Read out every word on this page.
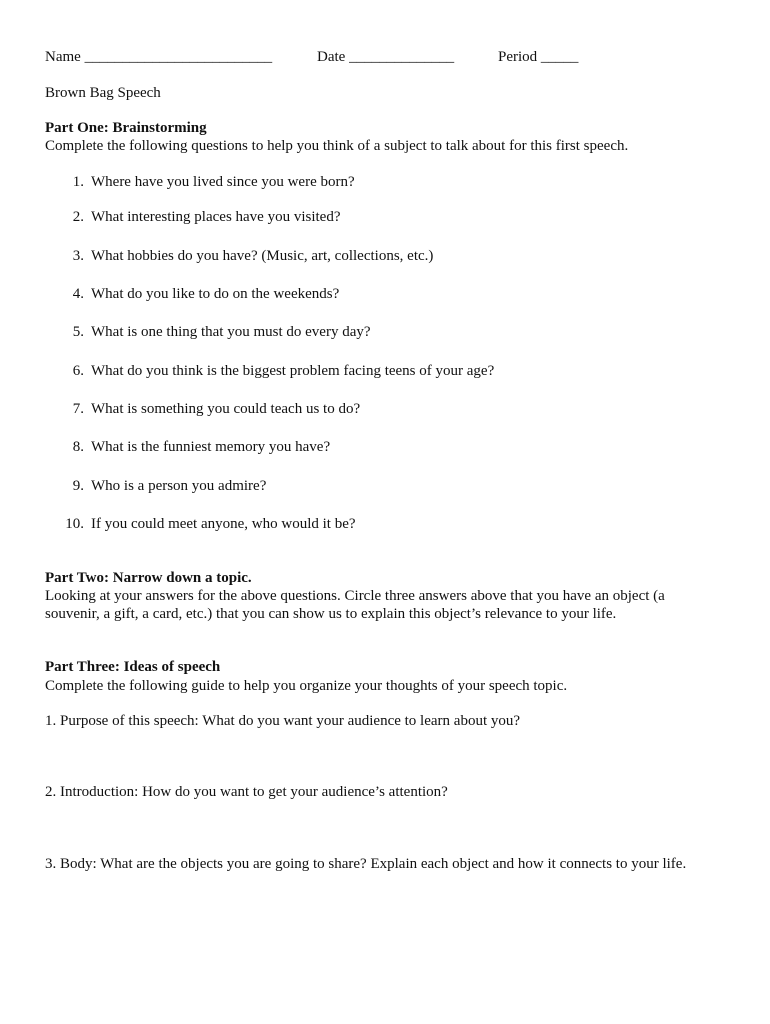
Name _________________________	Date ______________	Period _____
Brown Bag Speech
Part One: Brainstorming
Complete the following questions to help you think of a subject to talk about for this first speech.
1. Where have you lived since you were born?
2. What interesting places have you visited?
3. What hobbies do you have? (Music, art, collections, etc.)
4. What do you like to do on the weekends?
5. What is one thing that you must do every day?
6. What do you think is the biggest problem facing teens of your age?
7. What is something you could teach us to do?
8. What is the funniest memory you have?
9. Who is a person you admire?
10. If you could meet anyone, who would it be?
Part Two: Narrow down a topic.
Looking at your answers for the above questions. Circle three answers above that you have an object (a
souvenir, a gift, a card, etc.) that you can show us to explain this object’s relevance to your life.
Part Three: Ideas of speech
Complete the following guide to help you organize your thoughts of your speech topic.
1. Purpose of this speech: What do you want your audience to learn about you?
2. Introduction: How do you want to get your audience’s attention?
3. Body: What are the objects you are going to share? Explain each object and how it connects to your life.
